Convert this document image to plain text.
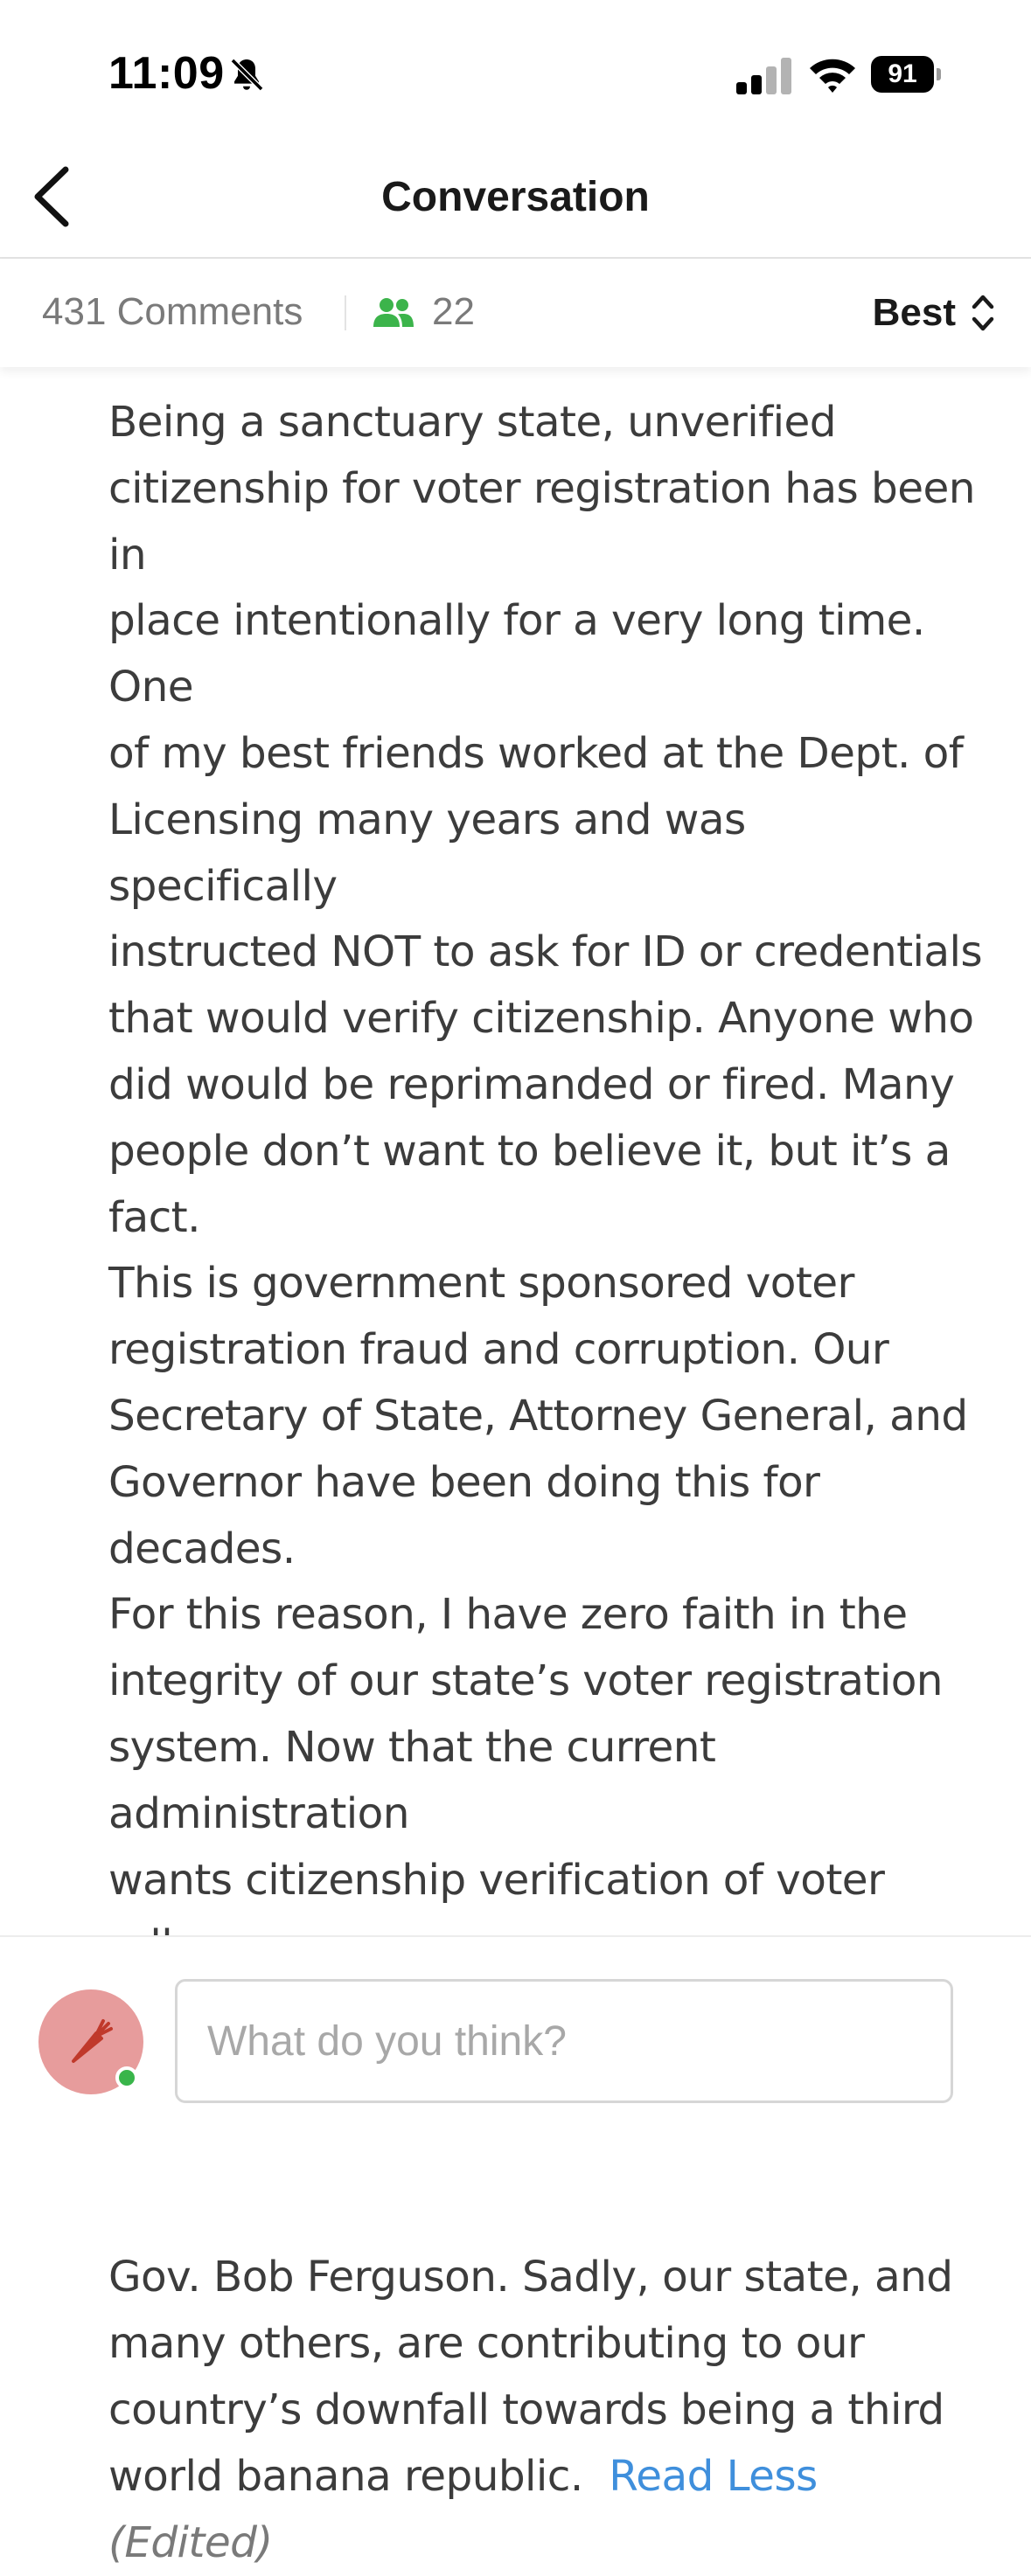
11:09	91
Conversation
431 Comments	22	Best
Being a sanctuary state, unverified
citizenship for voter registration has been in
place intentionally for a very long time. One
of my best friends worked at the Dept. of
Licensing many years and was specifically
instructed NOT to ask for ID or credentials
that would verify citizenship. Anyone who
did would be reprimanded or fired. Many
people don’t want to believe it, but it’s a fact.
This is government sponsored voter
registration fraud and corruption. Our
Secretary of State, Attorney General, and
Governor have been doing this for decades.
For this reason, I have zero faith in the
integrity of our state’s voter registration
system. Now that the current administration
wants citizenship verification of voter

Gov. Bob Ferguson. Sadly, our state, and
many others, are contributing to our
country’s downfall towards being a third
world banana republic. Read Less  (Edited)
What do you think?
